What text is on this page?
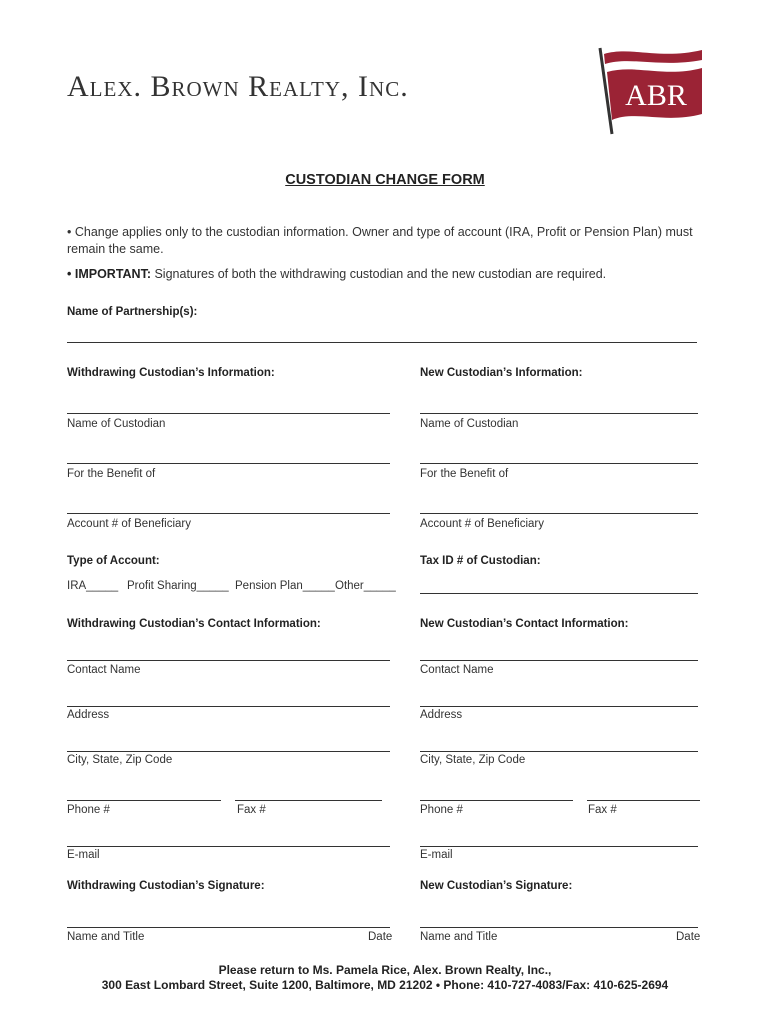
Alex. Brown Realty, Inc.	ABR
CUSTODIAN CHANGE FORM
• Change applies only to the custodian information. Owner and type of account (IRA, Profit or Pension Plan) must remain the same.
• IMPORTANT: Signatures of both the withdrawing custodian and the new custodian are required.
Name of Partnership(s):
Withdrawing Custodian’s Information:	New Custodian’s Information:
Name of Custodian	Name of Custodian
For the Benefit of	For the Benefit of
Account # of Beneficiary	Account # of Beneficiary
Type of Account:	Tax ID # of Custodian:
IRA_____ Profit Sharing_____ Pension Plan_____ Other_____
Withdrawing Custodian’s Contact Information:	New Custodian’s Contact Information:
Contact Name	Contact Name
Address	Address
City, State, Zip Code	City, State, Zip Code
Phone #	Fax #	Phone #	Fax #
E-mail	E-mail
Withdrawing Custodian’s Signature:	New Custodian’s Signature:
Name and Title	Date Name and Title	Date
Please return to Ms. Pamela Rice, Alex. Brown Realty, Inc.,
300 East Lombard Street, Suite 1200, Baltimore, MD 21202 • Phone: 410-727-4083/Fax: 410-625-2694
